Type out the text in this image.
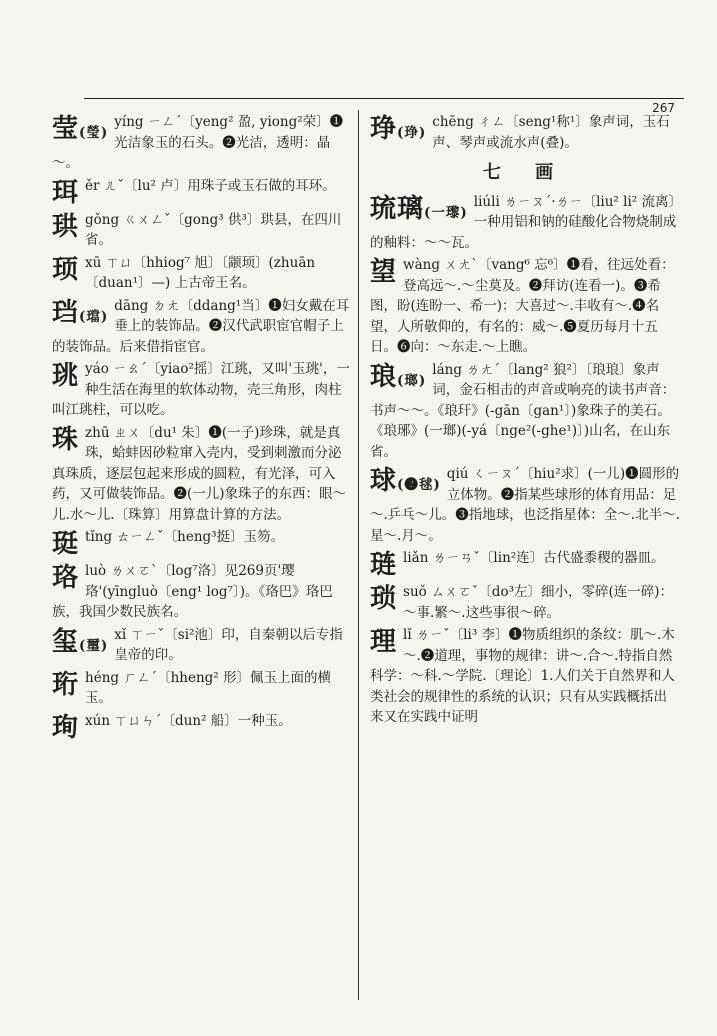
267
莹(瑩)
yíng ㄧㄥˊ〔yeng² 盈, yiong²荣〕❶光洁象玉的石头。❷光洁，透明：晶～。
珥ěr ㄦˇ〔lu² 卢〕用珠子或玉石做的耳环。
珙gǒng ㄍㄨㄥˇ〔gong³ 供³〕珙县，在四川省。
顼xū ㄒㄩ〔hhiog⁷ 旭〕〔颛顼〕(zhuān〔duan¹〕—) 上古帝王名。
珰(璫)
dāng ㄉㄤ〔ddang¹当〕❶妇女戴在耳垂上的装饰品。❷汉代武职宦官帽子上的装饰品。后来借指宦官。
珧yáo ㄧㄠˊ〔yiao²摇〕江珧，又叫'玉珧'，一种生活在海里的软体动物，壳三角形，肉柱叫江珧柱，可以吃。
珠zhū ㄓㄨ〔du¹ 朱〕❶(一子)珍珠，就是真珠，蛤蚌因砂粒窜入壳内，受到刺激而分泌真珠质，逐层包起来形成的圆粒，有光泽，可入药，又可做装饰品。❷(一儿)象珠子的东西：眼～儿.水～儿.〔珠算〕用算盘计算的方法。
珽tǐng ㄊㄧㄥˇ〔heng³挺〕玉笏。
珞luò ㄌㄨㄛˋ〔log⁷洛〕见269页'璎珞'(yīngluò〔eng¹ log⁷〕)。《珞巴》珞巴族，我国少数民族名。
玺(璽)
xǐ ㄒㄧˇ〔si²池〕印，自秦朝以后专指皇帝的印。
珩héng ㄏㄥˊ〔hheng² 形〕佩玉上面的横玉。
珣xún ㄒㄩㄣˊ〔dun² 船〕一种玉。
琤(琤)
chēng ㄔㄥ〔seng¹称¹〕象声词，玉石声、琴声或流水声(叠)。
七 画
琉璃(一瓈)
liúli ㄌㄧㄡˊ·ㄌㄧ〔liu² li² 流离〕一种用铝和钠的硅酸化合物烧制成的釉料：～～瓦。
望wàng ㄨㄤˋ〔vang⁶ 忘⁶〕❶看，往远处看：登高远～.～尘莫及。❷拜访(连看一)。❸希图，盼(连盼一、希一)：大喜过～.丰收有～.❹名望，人所敬仰的，有名的：威～.❺夏历每月十五日。❻向：～东走.～上瞧。
琅(瑯)
láng ㄌㄤˊ〔lang² 狼²〕〔琅琅〕象声词，金石相击的声音或响亮的读书声音：书声～～。《琅玕》(-gān〔gan¹〕)象珠子的美石。《琅琊》(一瑯)(-yá〔nge²(-ghe¹)〕)山名，在山东省。
球(❷毬)
qiú ㄑㄧㄡˊ〔hiu²求〕(一儿)❶圆形的立体物。❷指某些球形的体育用品：足～.乒乓～儿。❸指地球，也泛指星体：全～.北半～.星～.月～。
琏liǎn ㄌㄧㄢˇ〔lin²连〕古代盛黍稷的器皿。
琐suǒ ㄙㄨㄛˇ〔do³左〕细小，零碎(连一碎)：～事.繁～.这些事很～碎。
理lǐ ㄌㄧˇ〔li³ 李〕❶物质组织的条纹：肌～.木～.❷道理，事物的规律：讲～.合～.特指自然科学：～科.～学院.〔理论〕1.人们关于自然界和人类社会的规律性的系统的认识；只有从实践概括出来又在实践中证明
